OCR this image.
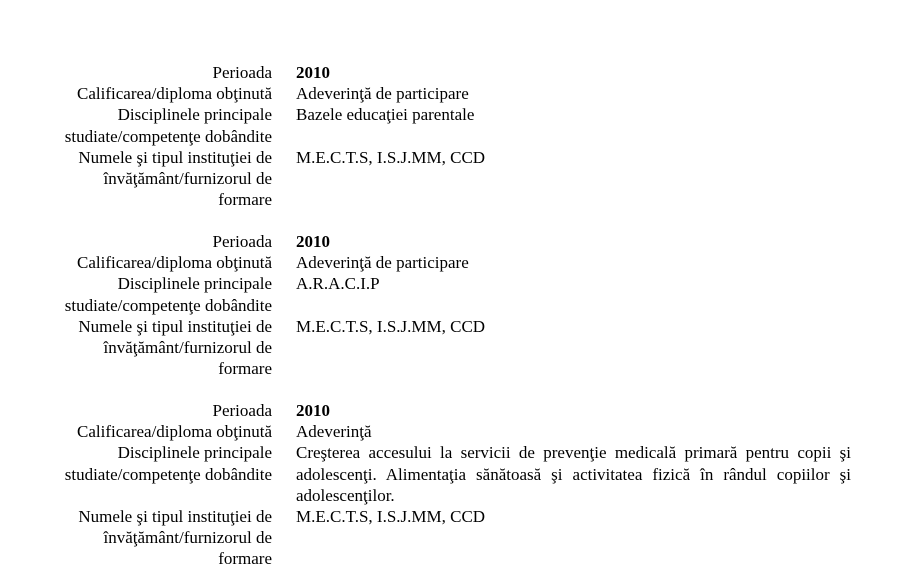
Perioada 2010
Calificarea/diploma obţinută Adeverinţă de participare
Disciplinele principale
studiate/competenţe dobândite
Bazele educaţiei parentale
Numele şi tipul instituţiei de
învăţământ/furnizorul de
formare
M.E.C.T.S, I.S.J.MM, CCD
Perioada 2010
Calificarea/diploma obţinută Adeverinţă de participare
Disciplinele principale
studiate/competenţe dobândite
A.R.A.C.I.P
Numele şi tipul instituţiei de
învăţământ/furnizorul de
formare
M.E.C.T.S, I.S.J.MM, CCD
Perioada 2010
Calificarea/diploma obţinută Adeverinţă
Disciplinele principale
studiate/competenţe dobândite
Creşterea accesului la servicii de prevenţie medicală primară pentru copii şi adolescenţi. Alimentaţia sănătoasă şi activitatea fizică în rândul copiilor şi adolescenţilor.
Numele şi tipul instituţiei de
învăţământ/furnizorul de
formare
M.E.C.T.S, I.S.J.MM, CCD
